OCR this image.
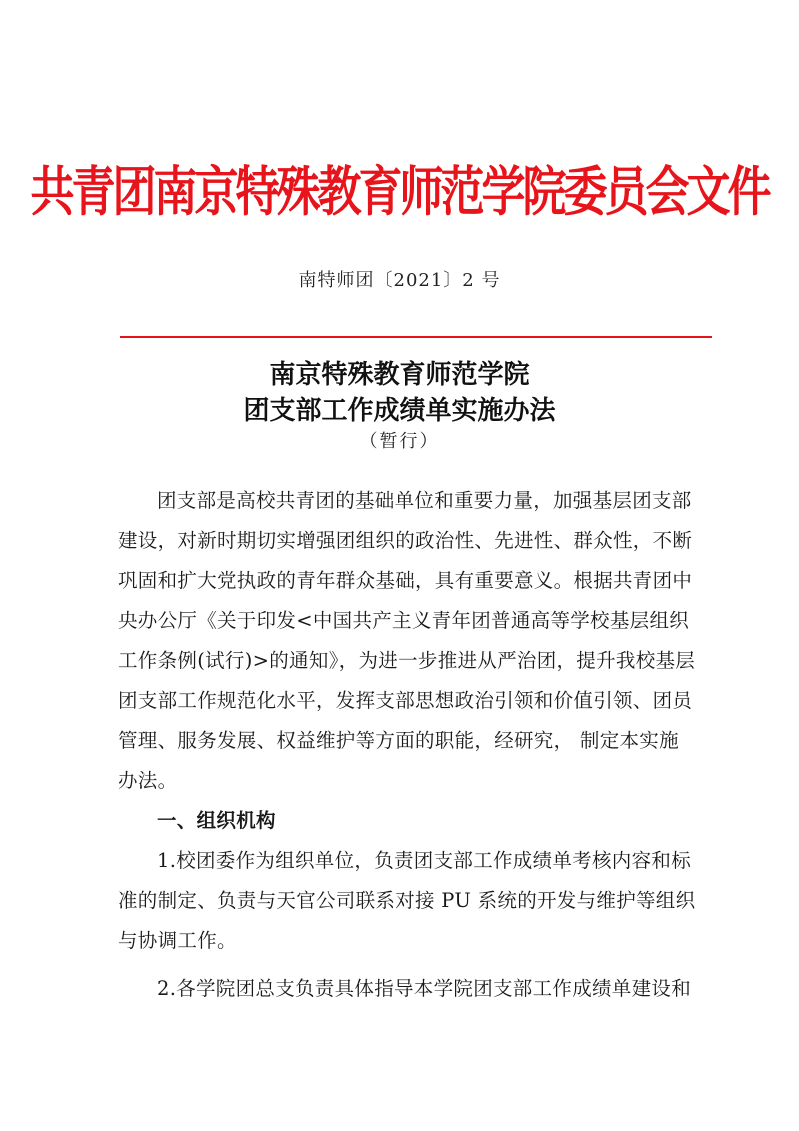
共青团南京特殊教育师范学院委员会文件
南特师团〔2021〕2 号
南京特殊教育师范学院
团支部工作成绩单实施办法
（暂行）
团支部是高校共青团的基础单位和重要力量，加强基层团支部
建设，对新时期切实增强团组织的政治性、先进性、群众性，不断
巩固和扩大党执政的青年群众基础，具有重要意义。根据共青团中
央办公厅《关于印发<中国共产主义青年团普通高等学校基层组织
工作条例(试行)>的通知》，为进一步推进从严治团，提升我校基层
团支部工作规范化水平，发挥支部思想政治引领和价值引领、团员
管理、服务发展、权益维护等方面的职能，经研究， 制定本实施
办法。
一、组织机构
1.校团委作为组织单位，负责团支部工作成绩单考核内容和标
准的制定、负责与天官公司联系对接 PU 系统的开发与维护等组织
与协调工作。
2.各学院团总支负责具体指导本学院团支部工作成绩单建设和
